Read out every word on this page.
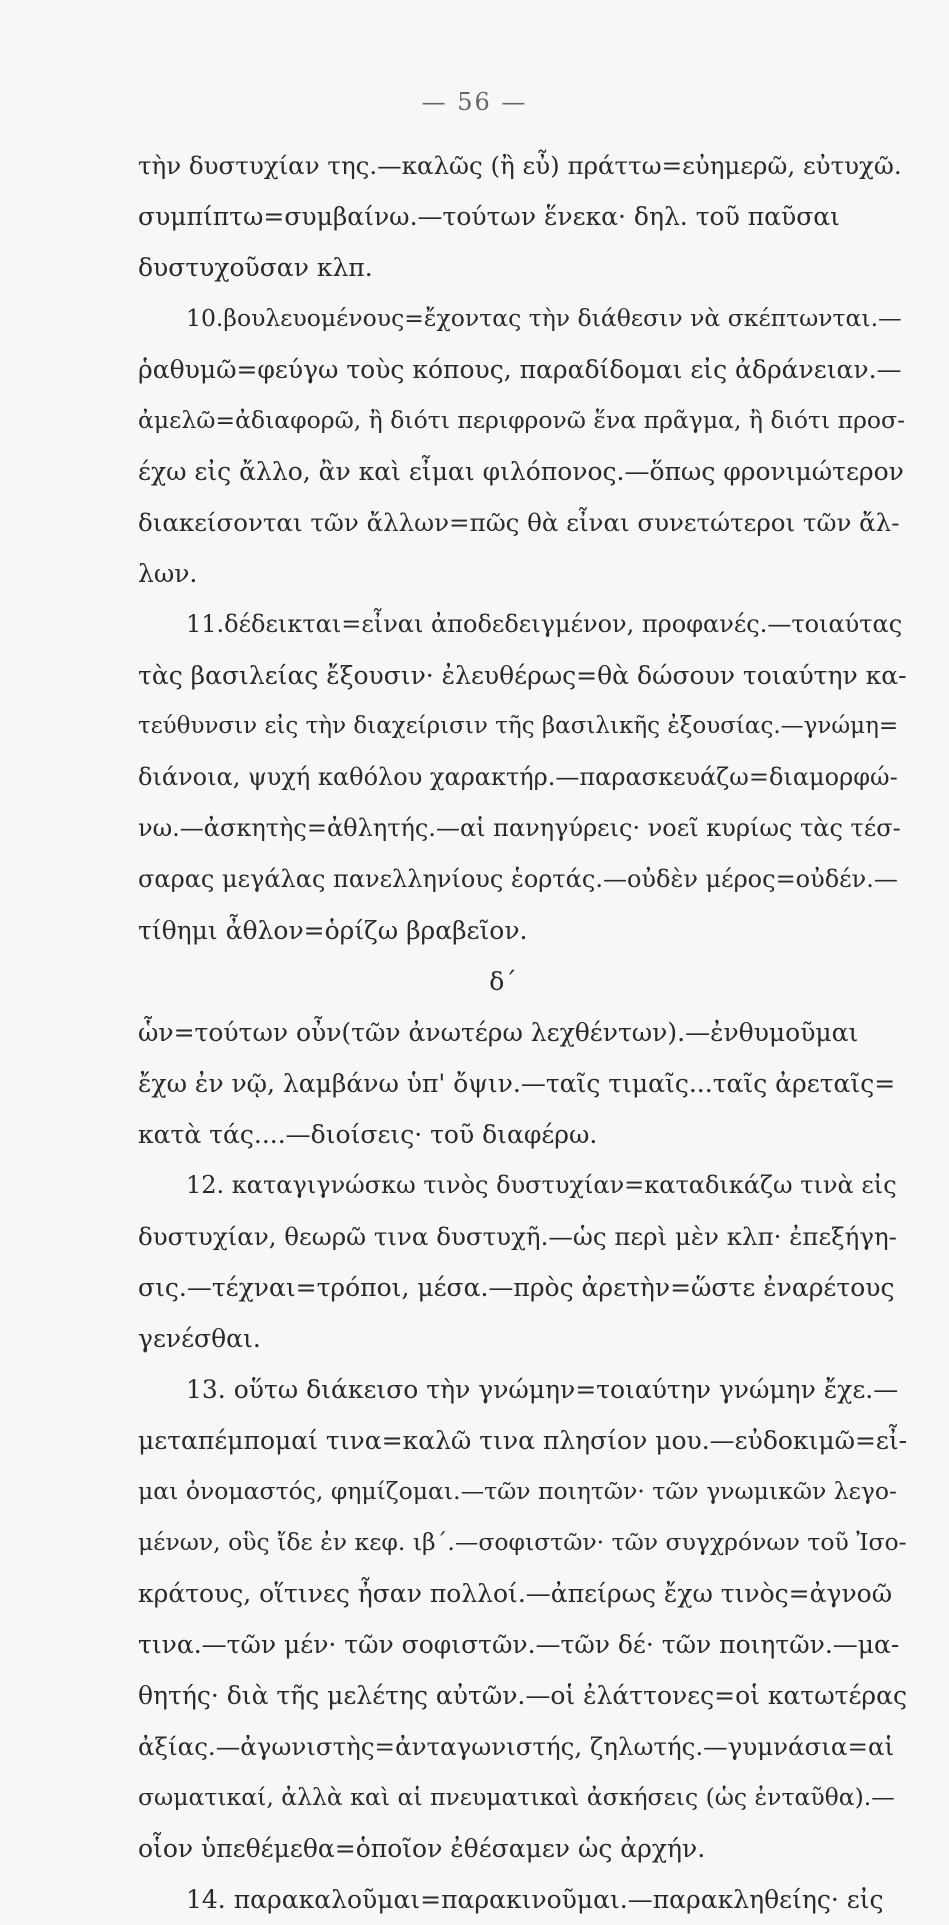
— 56 —
τὴν δυστυχίαν της.—καλῶς (ἢ εὖ) πράττω=εὐημερῶ, εὐτυχῶ.
συμπίπτω=συμβαίνω.—τούτων ἕνεκα· δηλ. τοῦ παῦσαι
δυστυχοῦσαν κλπ.
10.βουλευομένους=ἔχοντας τὴν διάθεσιν νὰ σκέπτωνται.—
ῥαθυμῶ=φεύγω τοὺς κόπους, παραδίδομαι εἰς ἀδράνειαν.—
ἀμελῶ=ἀδιαφορῶ, ἢ διότι περιφρονῶ ἕνα πρᾶγμα, ἢ διότι προσ-
έχω εἰς ἄλλο, ἂν καὶ εἶμαι φιλόπονος.—ὅπως φρονιμώτερον
διακείσονται τῶν ἄλλων=πῶς θὰ εἶναι συνετώτεροι τῶν ἄλ-
λων.
11.δέδεικται=εἶναι ἀποδεδειγμένον, προφανές.—τοιαύτας
τὰς βασιλείας ἔξουσιν· ἐλευθέρως=θὰ δώσουν τοιαύτην κα-
τεύθυνσιν εἰς τὴν διαχείρισιν τῆς βασιλικῆς ἐξουσίας.—γνώμη=
διάνοια, ψυχή καθόλου χαρακτήρ.—παρασκευάζω=διαμορφώ-
νω.—ἀσκητὴς=ἀθλητής.—αἱ πανηγύρεις· νοεῖ κυρίως τὰς τέσ-
σαρας μεγάλας πανελληνίους ἑορτάς.—οὐδὲν μέρος=οὐδέν.—
τίθημι ἆθλον=ὁρίζω βραβεῖον.
δ´
ὧν=τούτων οὖν(τῶν ἀνωτέρω λεχθέντων).—ἐνθυμοῦμαι
ἔχω ἐν νῷ, λαμβάνω ὑπ' ὄψιν.—ταῖς τιμαῖς...ταῖς ἀρεταῖς=
κατὰ τάς....—διοίσεις· τοῦ διαφέρω.
12. καταγιγνώσκω τινὸς δυστυχίαν=καταδικάζω τινὰ εἰς
δυστυχίαν, θεωρῶ τινα δυστυχῆ.—ὡς περὶ μὲν κλπ· ἐπεξήγη-
σις.—τέχναι=τρόποι, μέσα.—πρὸς ἀρετὴν=ὥστε ἐναρέτους
γενέσθαι.
13. οὕτω διάκεισο τὴν γνώμην=τοιαύτην γνώμην ἔχε.—
μεταπέμπομαί τινα=καλῶ τινα πλησίον μου.—εὐδοκιμῶ=εἶ-
μαι ὀνομαστός, φημίζομαι.—τῶν ποιητῶν· τῶν γνωμικῶν λεγο-
μένων, οὓς ἴδε ἐν κεφ. ιβ´.—σοφιστῶν· τῶν συγχρόνων τοῦ Ἰσο-
κράτους, οἵτινες ἦσαν πολλοί.—ἀπείρως ἔχω τινὸς=ἀγνοῶ
τινα.—τῶν μέν· τῶν σοφιστῶν.—τῶν δέ· τῶν ποιητῶν.—μα-
θητής· διὰ τῆς μελέτης αὐτῶν.—οἱ ἐλάττονες=οἱ κατωτέρας
ἀξίας.—ἀγωνιστὴς=ἀνταγωνιστής, ζηλωτής.—γυμνάσια=αἱ
σωματικαί, ἀλλὰ καὶ αἱ πνευματικαὶ ἀσκήσεις (ὡς ἐνταῦθα).—
οἷον ὑπεθέμεθα=ὁποῖον ἐθέσαμεν ὡς ἀρχήν.
14. παρακαλοῦμαι=παρακινοῦμαι.—παρακληθείης· εἰς
